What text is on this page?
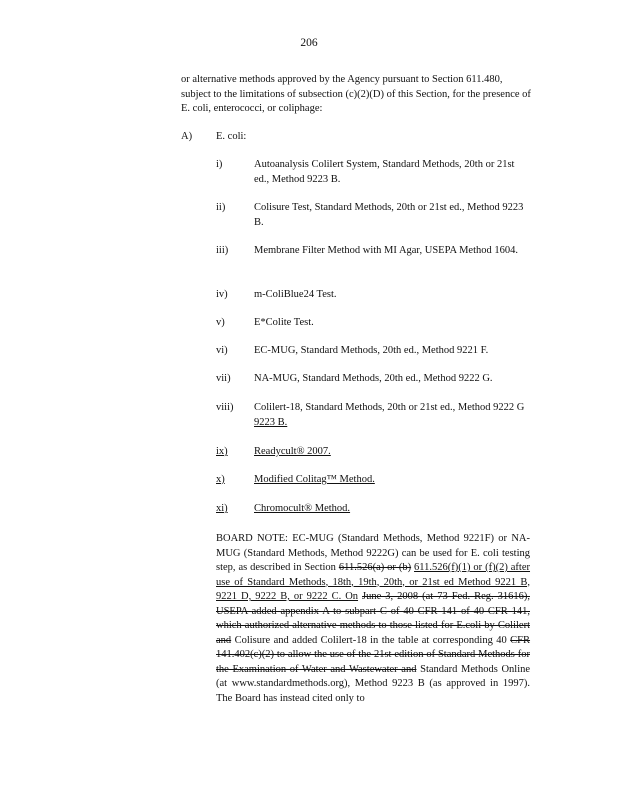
206

or alternative methods approved by the Agency pursuant to Section 611.480, subject to the limitations of subsection (c)(2)(D) of this Section, for the presence of E. coli, enterococci, or coliphage:

A) E. coli:
i)	Autoanalysis Colilert System, Standard Methods, 20th or 21st ed., Method 9223 B.
ii)	Colisure Test, Standard Methods, 20th or 21st ed., Method 9223 B.
iii) Membrane Filter Method with MI Agar, USEPA Method 1604.
iv)	m-ColiBlue24 Test.
v)	E*Colite Test.
vi)	EC-MUG, Standard Methods, 20th ed., Method 9221 F.
vii) NA-MUG, Standard Methods, 20th ed., Method 9222 G.
viii) Colilert-18, Standard Methods, 20th or 21st ed., Method 9222 G 9223 B.
ix)	Readycult® 2007.
x)	Modified Colitag™ Method.
xi)	Chromocult® Method.

BOARD NOTE: EC-MUG (Standard Methods, Method 9221F) or NA-MUG (Standard Methods, Method 9222G) can be used for E. coli testing step, as described in Section 611.526(a) or (b) 611.526(f)(1) or (f)(2) after use of Standard Methods, 18th, 19th, 20th, or 21st ed Method 9221 B, 9221 D, 9222 B, or 9222 C. On June 3, 2008 (at 73 Fed. Reg. 31616), USEPA added appendix A to subpart C of 40 CFR 141 of 40 CFR 141, which authorized alternative methods to those listed for E.coli by Colilert and Colisure and added Colilert-18 in the table at corresponding 40 CFR 141.402(c)(2) to allow the use of the 21st edition of Standard Methods for the Examination of Water and Wastewater and Standard Methods Online (at www.standardmethods.org), Method 9223 B (as approved in 1997). The Board has instead cited only to
